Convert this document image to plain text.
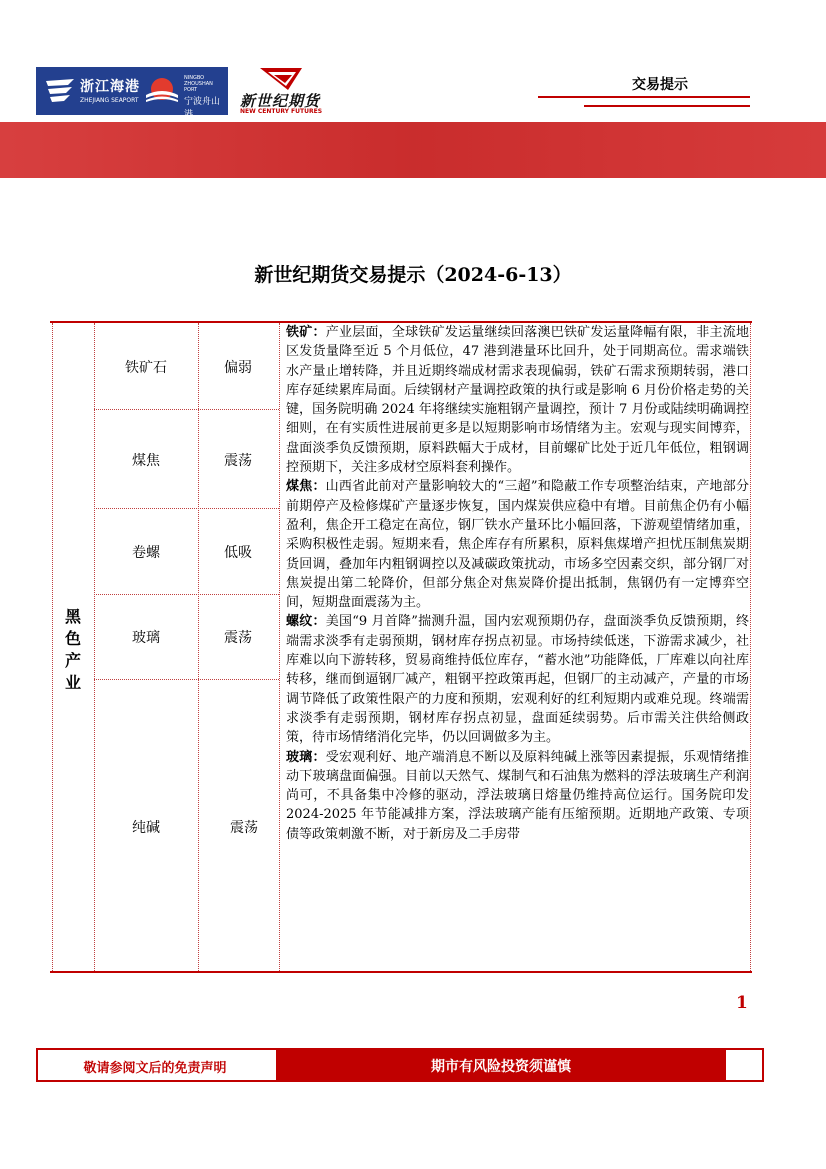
浙江海港
ZHEJIANG SEAPORT
NINGBO ZHOUSHAN PORT
宁波舟山港
新世纪期货
NEW CENTURY FUTURES
交易提示
新世纪期货交易提示（2024-6-13）
黑色产业
铁矿石	偏弱
煤焦	震荡
卷螺	低吸
玻璃	震荡
纯碱	震荡

铁矿：产业层面，全球铁矿发运量继续回落澳巴铁矿发运量降幅有限，非主流地区发货量降至近 5 个月低位，47 港到港量环比回升，处于同期高位。需求端铁水产量止增转降，并且近期终端成材需求表现偏弱，铁矿石需求预期转弱，港口库存延续累库局面。后续钢材产量调控政策的执行或是影响 6 月份价格走势的关键，国务院明确 2024 年将继续实施粗钢产量调控，预计 7 月份或陆续明确调控细则，在有实质性进展前更多是以短期影响市场情绪为主。宏观与现实间博弈，盘面淡季负反馈预期，原料跌幅大于成材，目前螺矿比处于近几年低位，粗钢调控预期下，关注多成材空原料套利操作。

煤焦：山西省此前对产量影响较大的“三超”和隐蔽工作专项整治结束，产地部分前期停产及检修煤矿产量逐步恢复，国内煤炭供应稳中有增。目前焦企仍有小幅盈利，焦企开工稳定在高位，钢厂铁水产量环比小幅回落，下游观望情绪加重，采购积极性走弱。短期来看，焦企库存有所累积，原料焦煤增产担忧压制焦炭期货回调，叠加年内粗钢调控以及减碳政策扰动，市场多空因素交织，部分钢厂对焦炭提出第二轮降价，但部分焦企对焦炭降价提出抵制，焦钢仍有一定博弈空间，短期盘面震荡为主。

螺纹：美国“9 月首降”揣测升温，国内宏观预期仍存，盘面淡季负反馈预期，终端需求淡季有走弱预期，钢材库存拐点初显。市场持续低迷，下游需求减少，社库难以向下游转移，贸易商维持低位库存，“蓄水池”功能降低，厂库难以向社库转移，继而倒逼钢厂减产，粗钢平控政策再起，但钢厂的主动减产，产量的市场调节降低了政策性限产的力度和预期，宏观利好的红利短期内或难兑现。终端需求淡季有走弱预期，钢材库存拐点初显，盘面延续弱势。后市需关注供给侧政策，待市场情绪消化完毕，仍以回调做多为主。

玻璃：受宏观利好、地产端消息不断以及原料纯碱上涨等因素提振，乐观情绪推动下玻璃盘面偏强。目前以天然气、煤制气和石油焦为燃料的浮法玻璃生产利润尚可，不具备集中冷修的驱动，浮法玻璃日熔量仍维持高位运行。国务院印发 2024-2025 年节能减排方案，浮法玻璃产能有压缩预期。近期地产政策、专项债等政策刺激不断，对于新房及二手房带

1
敬请参阅文后的免责声明	期市有风险投资须谨慎
